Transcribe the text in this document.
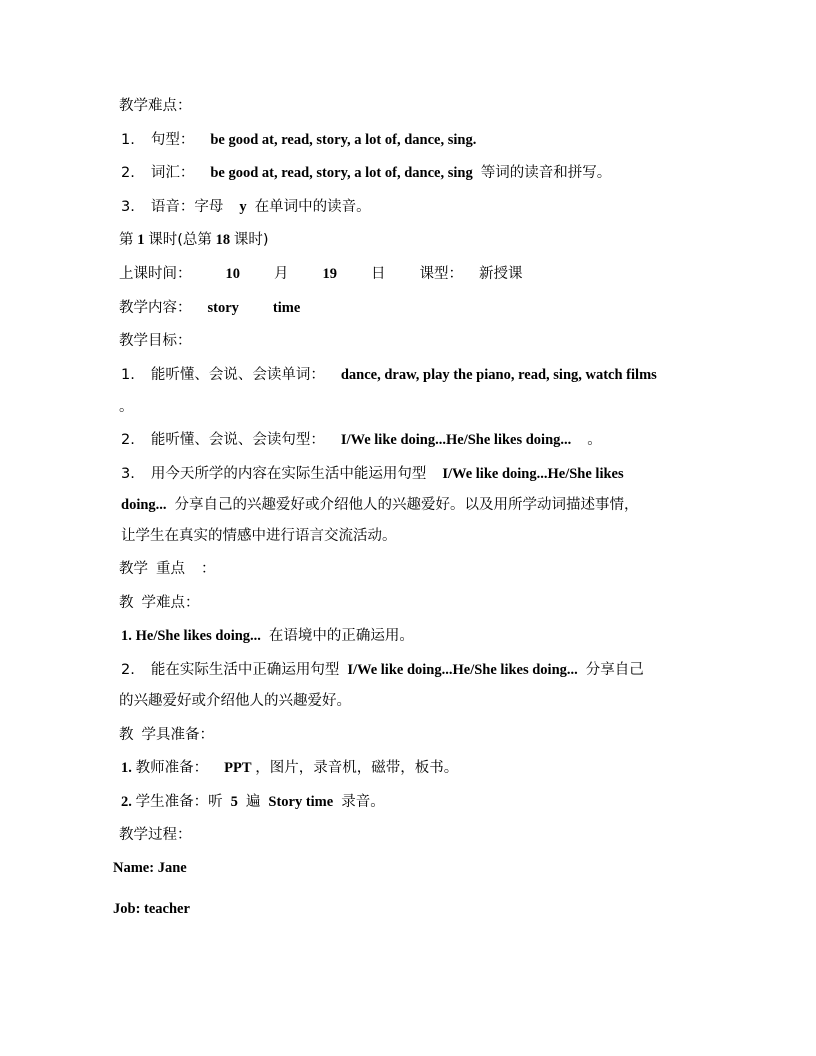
教学难点：
1. 句型： be good at, read, story, a lot of, dance, sing.
2. 词汇： be good at, read, story, a lot of, dance, sing 等词的读音和拼写。
3. 语音：字母 y 在单词中的读音。
第 1 课时(总第 18 课时)
上课时间： 10 月 19 日 课型： 新授课
教学内容： story time
教学目标：
1. 能听懂、会说、会读单词： dance, draw, play the piano, read, sing, watch films
。
2. 能听懂、会说、会读句型： I/We like doing...He/She likes doing... 。
3. 用今天所学的内容在实际生活中能运用句型 I/We like doing...He/She likes
doing... 分享自己的兴趣爱好或介绍他人的兴趣爱好。以及用所学动词描述事情，
让学生在真实的情感中进行语言交流活动。
教学 重点 ：
教 学难点：
1. He/She likes doing... 在语境中的正确运用。
2. 能在实际生活中正确运用句型 I/We like doing...He/She likes doing... 分享自己
的兴趣爱好或介绍他人的兴趣爱好。
教 学具准备：
1. 教师准备： PPT ，图片，录音机，磁带，板书。
2. 学生准备：听 5 遍 Story time 录音。
教学过程：
Name: Jane
Job: teacher
